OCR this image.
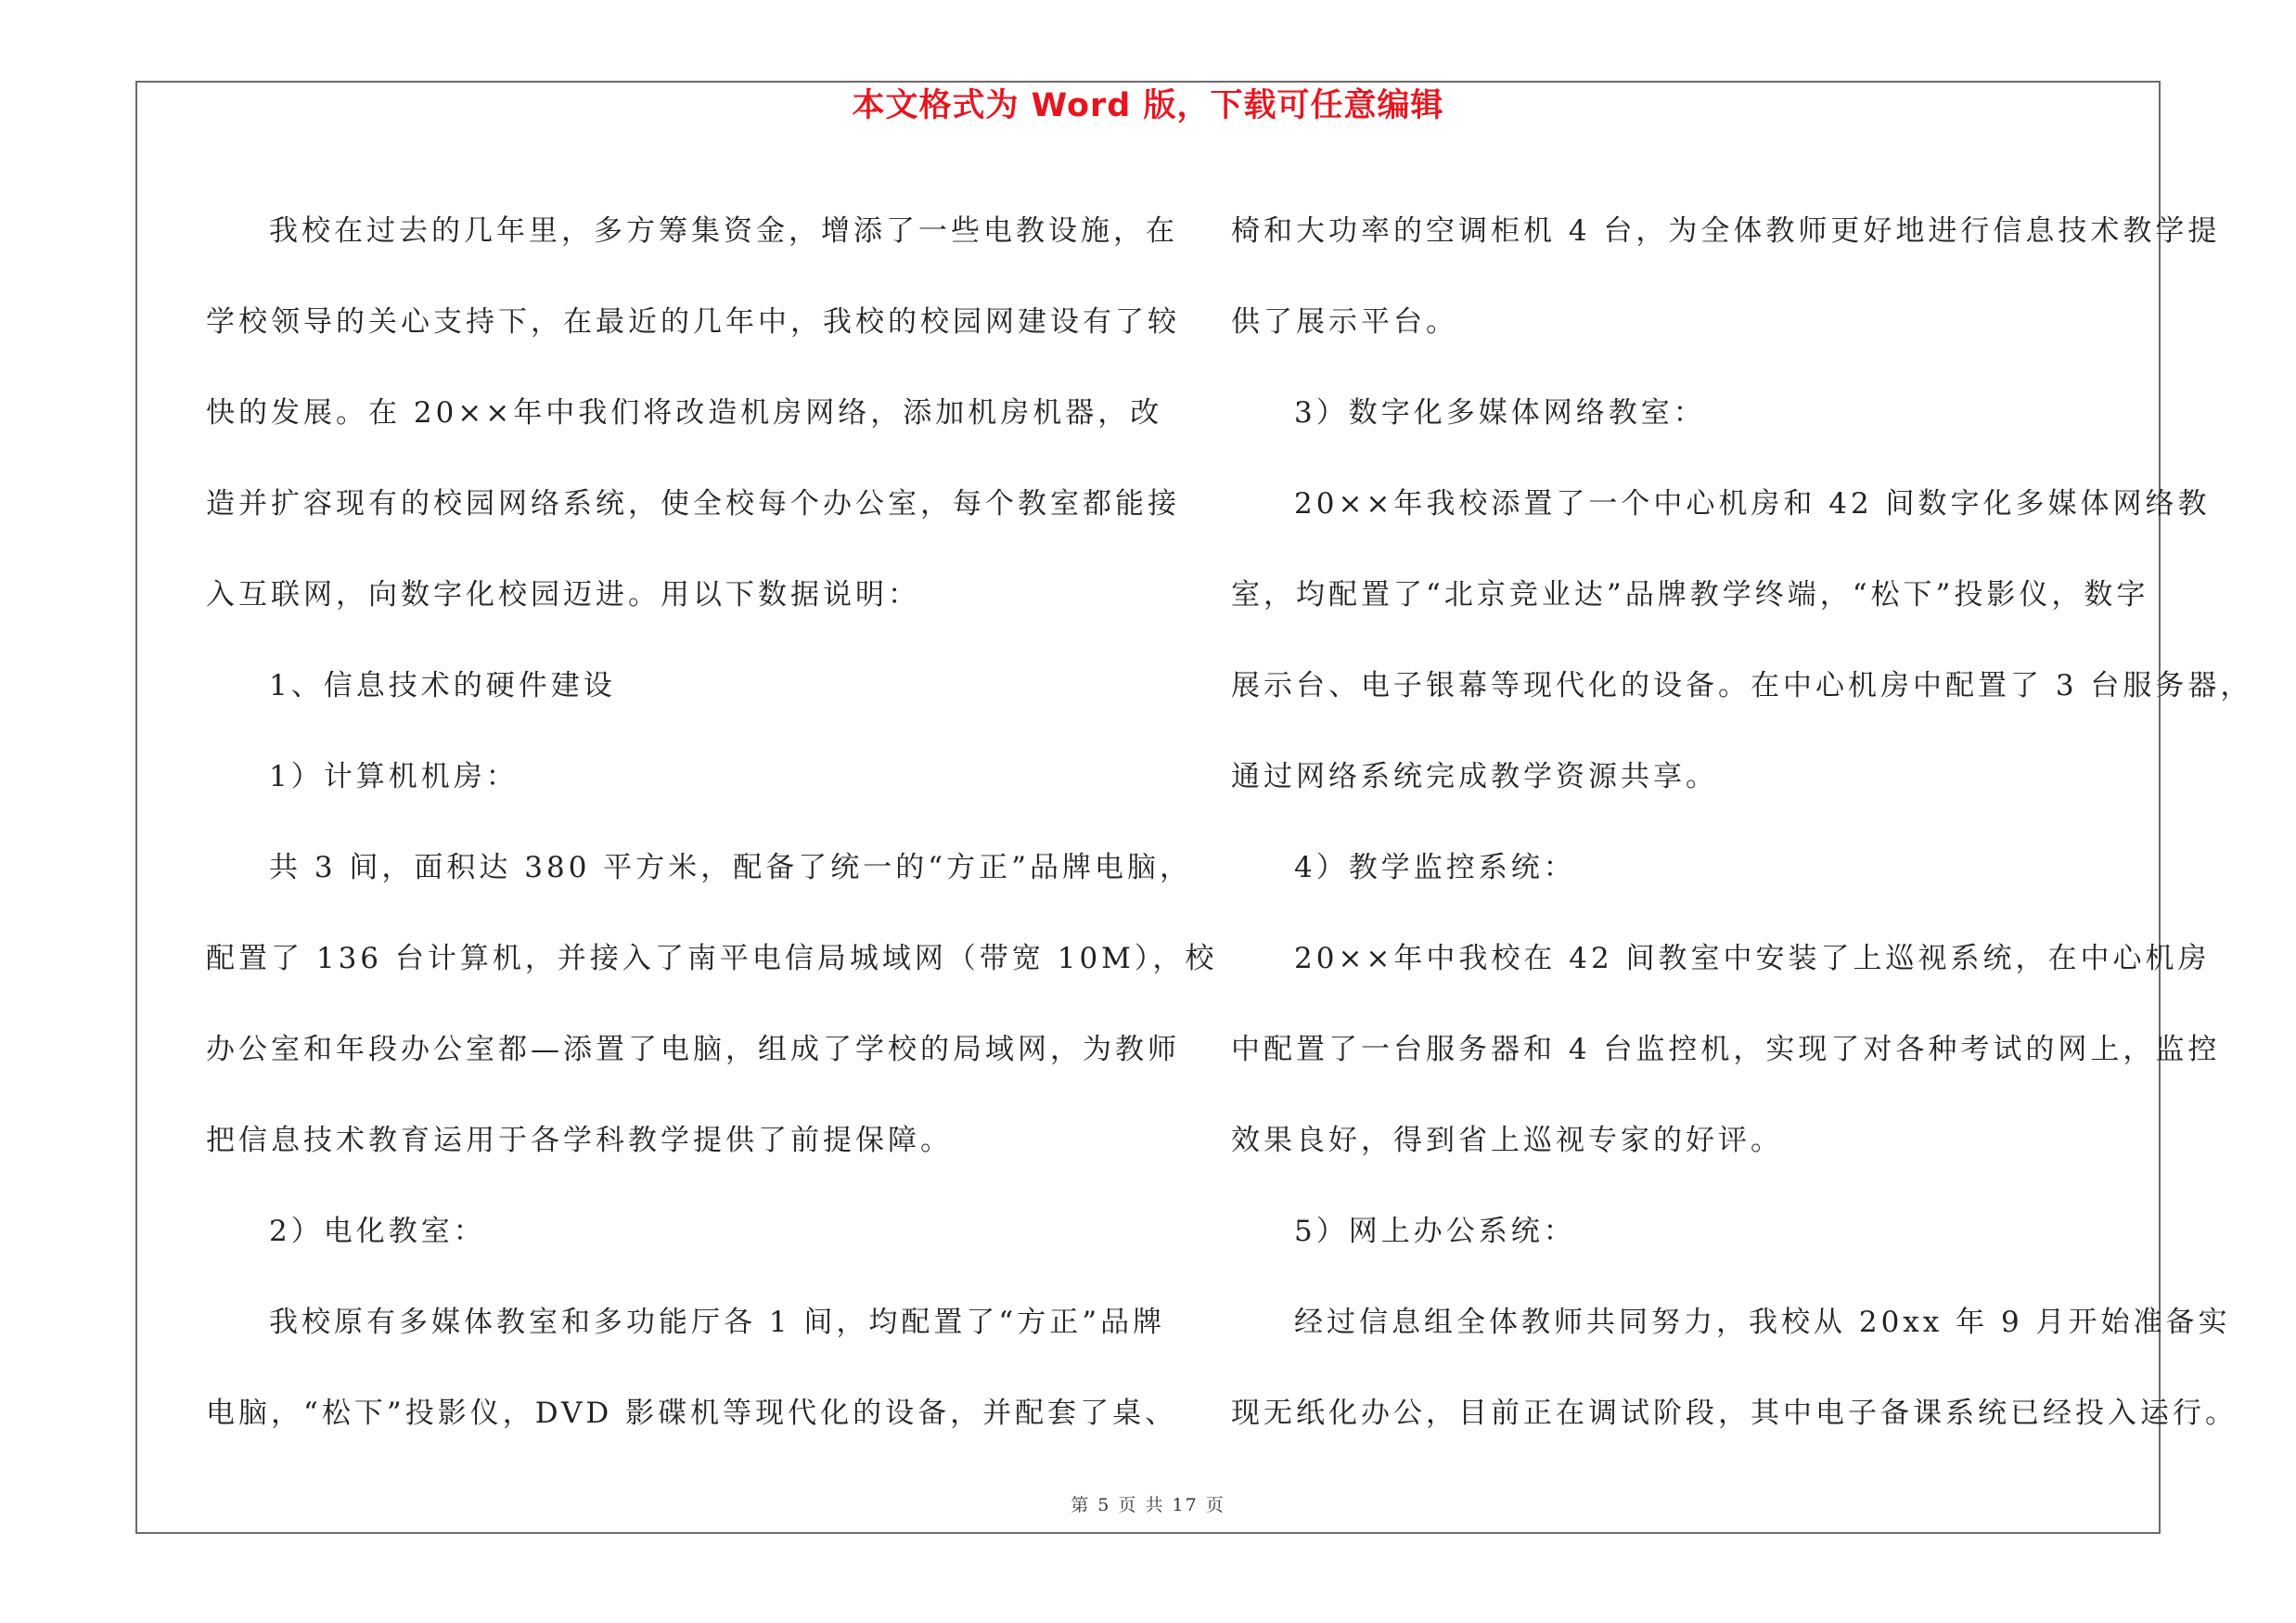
本文格式为 Word 版，下载可任意编辑

我校在过去的几年里，多方筹集资金，增添了一些电教设施，在

学校领导的关心支持下，在最近的几年中，我校的校园网建设有了较

快的发展。在 20××年中我们将改造机房网络，添加机房机器，改

造并扩容现有的校园网络系统，使全校每个办公室，每个教室都能接

入互联网，向数字化校园迈进。用以下数据说明：

1、信息技术的硬件建设

1）计算机机房：

共 3 间，面积达 380 平方米，配备了统一的“方正”品牌电脑，

配置了 136 台计算机，并接入了南平电信局城域网（带宽 10M），校

办公室和年段办公室都—添置了电脑，组成了学校的局域网，为教师

把信息技术教育运用于各学科教学提供了前提保障。

2）电化教室：

我校原有多媒体教室和多功能厅各 1 间，均配置了“方正”品牌

电脑，“松下”投影仪，DVD 影碟机等现代化的设备，并配套了桌、

椅和大功率的空调柜机 4 台，为全体教师更好地进行信息技术教学提

供了展示平台。

3）数字化多媒体网络教室：

20××年我校添置了一个中心机房和 42 间数字化多媒体网络教

室，均配置了“北京竞业达”品牌教学终端，“松下”投影仪，数字

展示台、电子银幕等现代化的设备。在中心机房中配置了 3 台服务器，

通过网络系统完成教学资源共享。

4）教学监控系统：

20××年中我校在 42 间教室中安装了上巡视系统，在中心机房

中配置了一台服务器和 4 台监控机，实现了对各种考试的网上，监控

效果良好，得到省上巡视专家的好评。

5）网上办公系统：

经过信息组全体教师共同努力，我校从 20xx 年 9 月开始准备实

现无纸化办公，目前正在调试阶段，其中电子备课系统已经投入运行。

第 5 页 共 17 页
